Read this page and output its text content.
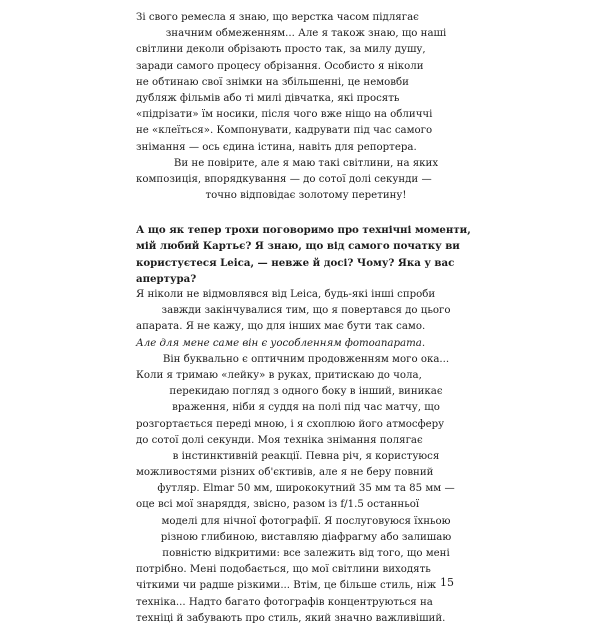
Зі свого ремесла я знаю, що верстка часом підлягає
значним обмеженням... Але я також знаю, що наші
світлини деколи обрізають просто так, за милу душу,
заради самого процесу обрізання. Особисто я ніколи
не обтинаю свої знімки на збільшенні, це немовби
дубляж фільмів або ті милі дівчатка, які просять
«підрізати» їм носики, після чого вже ніщо на обличчі
не «клеїться». Компонувати, кадрувати під час самого
знімання — ось єдина істина, навіть для репортера.
Ви не повірите, але я маю такі світлини, на яких
композиція, впорядкування — до сотої долі секунди —
точно відповідає золотому перетину!
А що як тепер трохи поговоримо про технічні моменти,
мій любий Картьє? Я знаю, що від самого початку ви
користуєтеся Leica, — невже й досі? Чому? Яка у вас
апертура?
Я ніколи не відмовлявся від Leica, будь-які інші спроби
завжди закінчувалися тим, що я повертався до цього
апарата. Я не кажу, що для інших має бути так само.
Але для мене саме він є уособленням фотоапарата.
Він буквально є оптичним продовженням мого ока...
Коли я тримаю «лейку» в руках, притискаю до чола,
перекидаю погляд з одного боку в інший, виникає
враження, ніби я суддя на полі під час матчу, що
розгортається переді мною, і я схоплюю його атмосферу
до сотої долі секунди. Моя техніка знімання полягає
в інстинктивній реакції. Певна річ, я користуюся
можливостями різних об'єктивів, але я не беру повний
футляр. Elmar 50 мм, ширококутний 35 мм та 85 мм —
оце всі мої знаряддя, звісно, разом із f/1.5 останньої
моделі для нічної фотографії. Я послуговуюся їхньою
різною глибиною, виставляю діафрагму або залишаю
повністю відкритими: все залежить від того, що мені
потрібно. Мені подобається, що мої світлини виходять
чіткими чи радше різкими... Втім, це більше стиль, ніж
техніка... Надто багато фотографів концентруються на
техніці й забувають про стиль, який значно важливіший.
15
